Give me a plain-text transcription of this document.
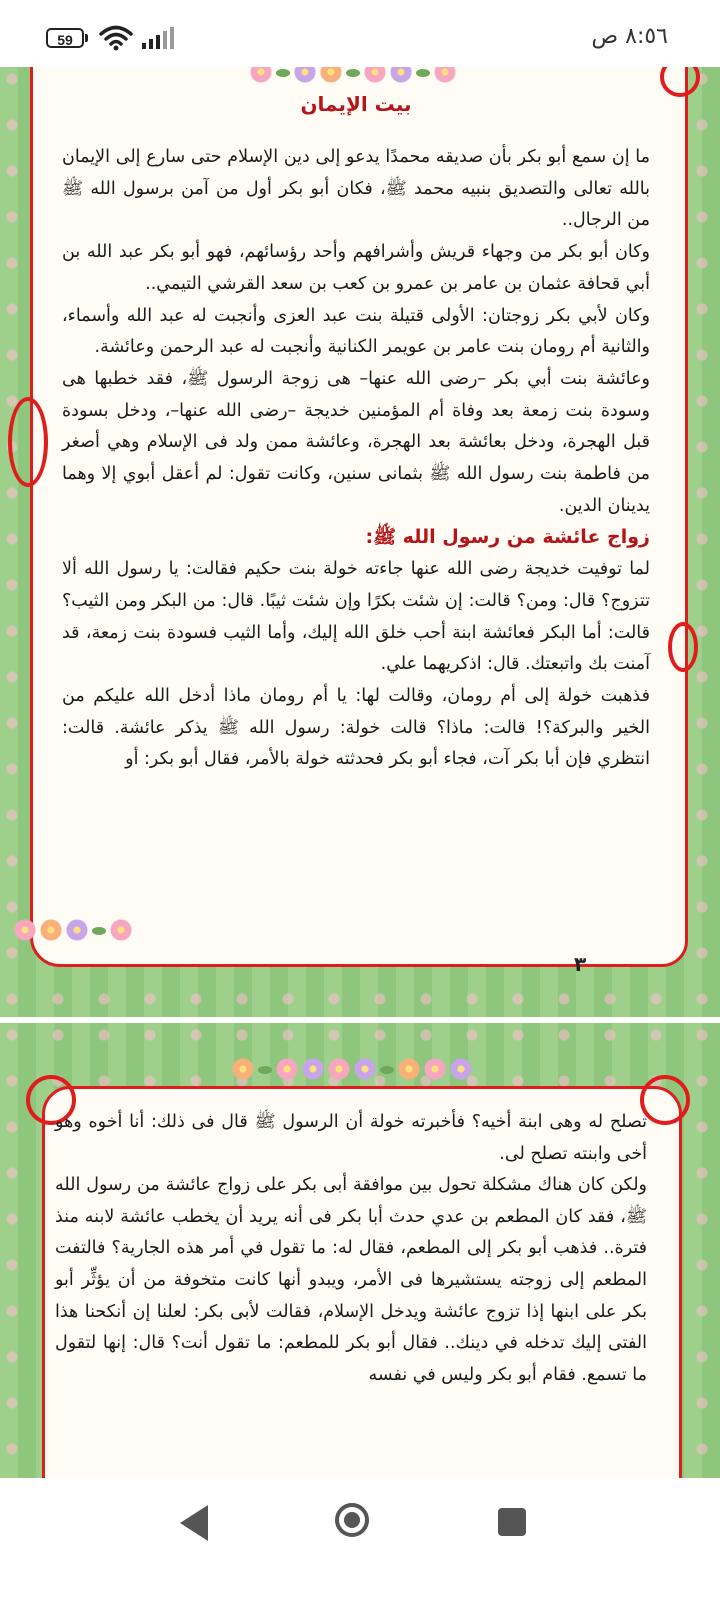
59	٨:٥٦ ص
بيت الإيمان

ما إن سمع أبو بكر بأن صديقه محمدًا يدعو إلى دين الإسلام حتى سارع إلى الإيمان بالله تعالى والتصديق بنبيه محمد ﷺ، فكان أبو بكر أول من آمن برسول الله ﷺ من الرجال..

وكان أبو بكر من وجهاء قريش وأشرافهم وأحد رؤسائهم، فهو أبو بكر عبد الله بن أبي قحافة عثمان بن عامر بن عمرو بن كعب بن سعد القرشي التيمي..

وكان لأبي بكر زوجتان: الأولى قتيلة بنت عبد العزى وأنجبت له عبد الله وأسماء، والثانية أم رومان بنت عامر بن عويمر الكنانية وأنجبت له عبد الرحمن وعائشة.

وعائشة بنت أبي بكر –رضى الله عنها– هى زوجة الرسول ﷺ، فقد خطبها هى وسودة بنت زمعة بعد وفاة أم المؤمنين خديجة –رضى الله عنها–، ودخل بسودة قبل الهجرة، ودخل بعائشة بعد الهجرة، وعائشة ممن ولد فى الإسلام وهي أصغر من فاطمة بنت رسول الله ﷺ بثمانى سنين، وكانت تقول: لم أعقل أبوي إلا وهما يدينان الدين.

زواج عائشة من رسول الله ﷺ:

لما توفيت خديجة رضى الله عنها جاءته خولة بنت حكيم فقالت: يا رسول الله ألا تتزوج؟ قال: ومن؟ قالت: إن شئت بكرًا وإن شئت ثيبًا. قال: من البكر ومن الثيب؟ قالت: أما البكر فعائشة ابنة أحب خلق الله إليك، وأما الثيب فسودة بنت زمعة، قد آمنت بك واتبعتك. قال: اذكريهما علي.

فذهبت خولة إلى أم رومان، وقالت لها: يا أم رومان ماذا أدخل الله عليكم من الخير والبركة؟! قالت: ماذا؟ قالت خولة: رسول الله ﷺ يذكر عائشة. قالت: انتظري فإن أبا بكر آت، فجاء أبو بكر فحدثته خولة بالأمر، فقال أبو بكر: أو

٣

تصلح له وهى ابنة أخيه؟ فأخبرته خولة أن الرسول ﷺ قال فى ذلك: أنا أخوه وهو أخى وابنته تصلح لى.

ولكن كان هناك مشكلة تحول بين موافقة أبى بكر على زواج عائشة من رسول الله ﷺ، فقد كان المطعم بن عدي حدث أبا بكر فى أنه يريد أن يخطب عائشة لابنه منذ فترة.. فذهب أبو بكر إلى المطعم، فقال له: ما تقول في أمر هذه الجارية؟ فالتفت المطعم إلى زوجته يستشيرها فى الأمر، ويبدو أنها كانت متخوفة من أن يؤثِّر أبو بكر على ابنها إذا تزوج عائشة ويدخل الإسلام، فقالت لأبى بكر: لعلنا إن أنكحنا هذا الفتى إليك تدخله في دينك.. فقال أبو بكر للمطعم: ما تقول أنت؟ قال: إنها لتقول ما تسمع. فقام أبو بكر وليس في نفسه
